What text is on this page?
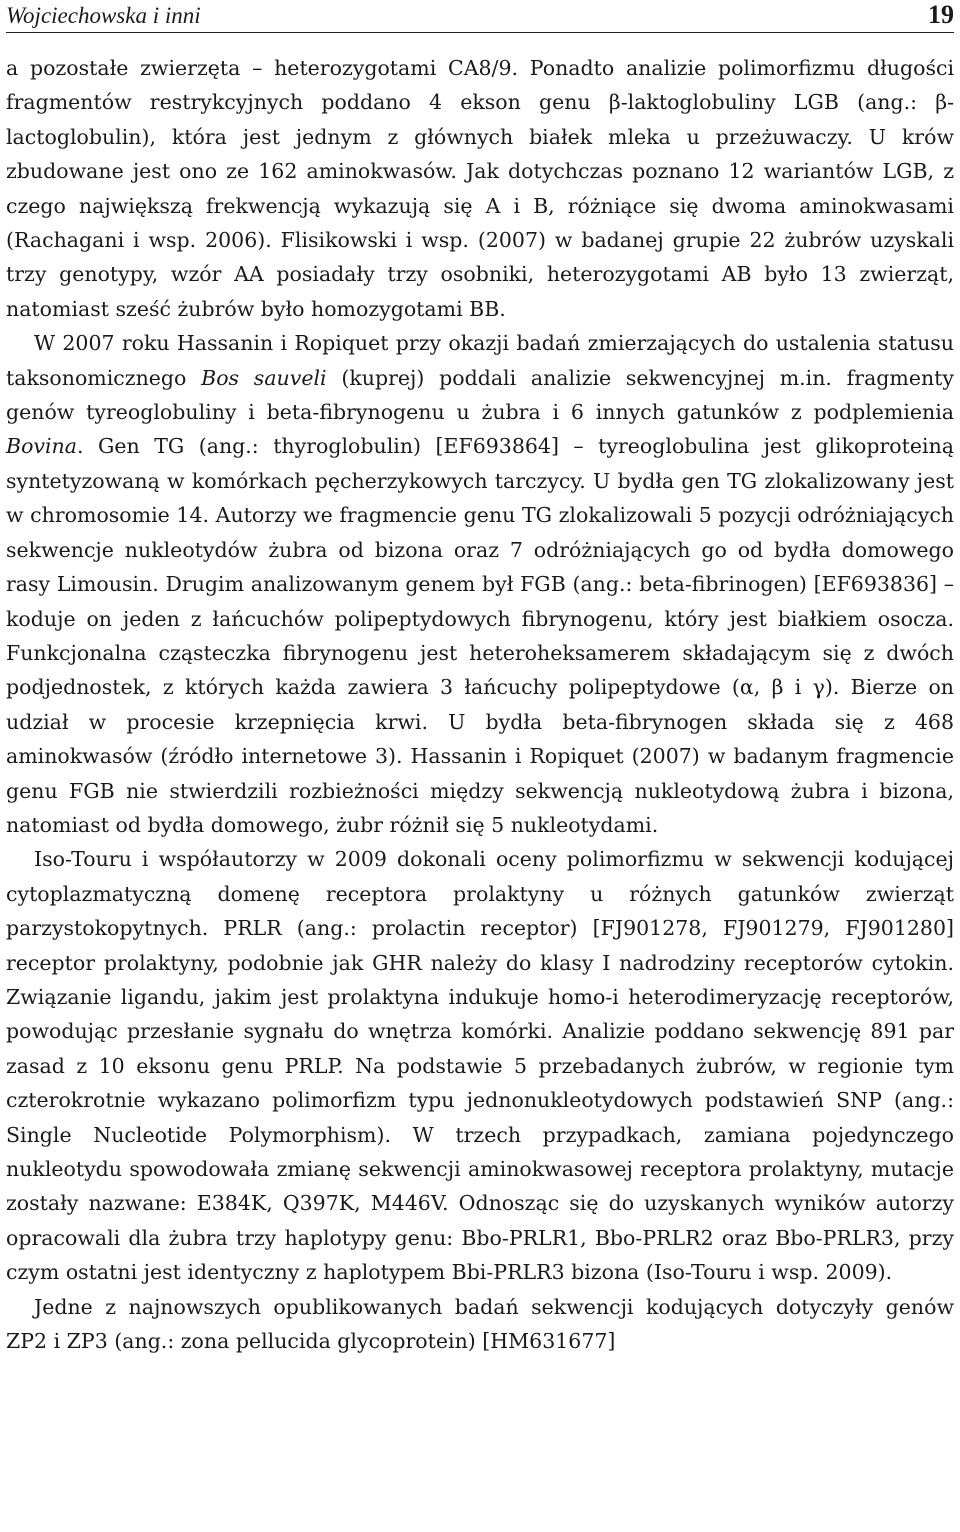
Wojciechowska i inni	19

a pozostałe zwierzęta – heterozygotami CA8/9. Ponadto analizie polimorfizmu długości fragmentów restrykcyjnych poddano 4 ekson genu β-laktoglobuliny LGB (ang.: β-lactoglobulin), która jest jednym z głównych białek mleka u przeżuwaczy. U krów zbudowane jest ono ze 162 aminokwasów. Jak dotychczas poznano 12 wariantów LGB, z czego największą frekwencją wykazują się A i B, różniące się dwoma aminokwasami (Rachagani i wsp. 2006). Flisikowski i wsp. (2007) w badanej grupie 22 żubrów uzyskali trzy genotypy, wzór AA posiadały trzy osobniki, heterozygotami AB było 13 zwierząt, natomiast sześć żubrów było homozygotami BB.

W 2007 roku Hassanin i Ropiquet przy okazji badań zmierzających do ustalenia statusu taksonomicznego Bos sauveli (kuprej) poddali analizie sekwencyjnej m.in. fragmenty genów tyreoglobuliny i beta-fibrynogenu u żubra i 6 innych gatunków z podplemienia Bovina. Gen TG (ang.: thyroglobulin) [EF693864] – tyreoglobulina jest glikoproteiną syntetyzowaną w komórkach pęcherzykowych tarczycy. U bydła gen TG zlokalizowany jest w chromosomie 14. Autorzy we fragmencie genu TG zlokalizowali 5 pozycji odróżniających sekwencje nukleotydów żubra od bizona oraz 7 odróżniających go od bydła domowego rasy Limousin. Drugim analizowanym genem był FGB (ang.: beta-fibrinogen) [EF693836] – koduje on jeden z łańcuchów polipeptydowych fibrynogenu, który jest białkiem osocza. Funkcjonalna cząsteczka fibrynogenu jest heteroheksamerem składającym się z dwóch podjednostek, z których każda zawiera 3 łańcuchy polipeptydowe (α, β i γ). Bierze on udział w procesie krzepnięcia krwi. U bydła beta-fibrynogen składa się z 468 aminokwasów (źródło internetowe 3). Hassanin i Ropiquet (2007) w badanym fragmencie genu FGB nie stwierdzili rozbieżności między sekwencją nukleotydową żubra i bizona, natomiast od bydła domowego, żubr różnił się 5 nukleotydami.

Iso-Touru i współautorzy w 2009 dokonali oceny polimorfizmu w sekwencji kodującej cytoplazmatyczną domenę receptora prolaktyny u różnych gatunków zwierząt parzystokopytnych. PRLR (ang.: prolactin receptor) [FJ901278, FJ901279, FJ901280] receptor prolaktyny, podobnie jak GHR należy do klasy I nadrodziny receptorów cytokin. Związanie ligandu, jakim jest prolaktyna indukuje homo-i heterodimeryzację receptorów, powodując przesłanie sygnału do wnętrza komórki. Analizie poddano sekwencję 891 par zasad z 10 eksonu genu PRLP. Na podstawie 5 przebadanych żubrów, w regionie tym czterokrotnie wykazano polimorfizm typu jednonukleotydowych podstawień SNP (ang.: Single Nucleotide Polymorphism). W trzech przypadkach, zamiana pojedynczego nukleotydu spowodowała zmianę sekwencji aminokwasowej receptora prolaktyny, mutacje zostały nazwane: E384K, Q397K, M446V. Odnosząc się do uzyskanych wyników autorzy opracowali dla żubra trzy haplotypy genu: Bbo-PRLR1, Bbo-PRLR2 oraz Bbo-PRLR3, przy czym ostatni jest identyczny z haplotypem Bbi-PRLR3 bizona (Iso-Touru i wsp. 2009).

Jedne z najnowszych opublikowanych badań sekwencji kodujących dotyczyły genów ZP2 i ZP3 (ang.: zona pellucida glycoprotein) [HM631677]
